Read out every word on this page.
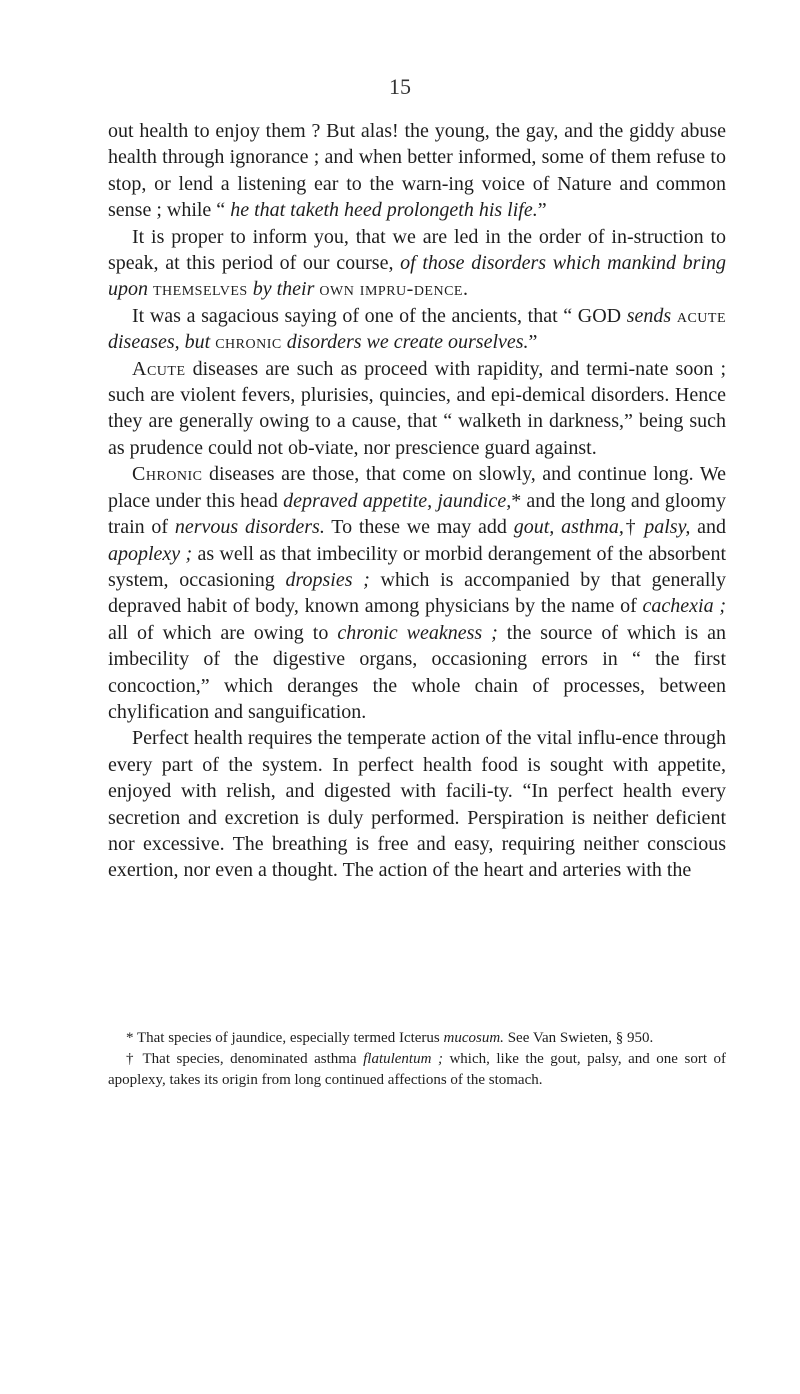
15

out health to enjoy them ? But alas! the young, the gay, and the giddy abuse health through ignorance ; and when better informed, some of them refuse to stop, or lend a listening ear to the warn-ing voice of Nature and common sense ; while “ he that taketh heed prolongeth his life.”

It is proper to inform you, that we are led in the order of in-struction to speak, at this period of our course, of those disorders which mankind bring upon themselves by their own impru-dence.

It was a sagacious saying of one of the ancients, that “ GOD sends acute diseases, but chronic disorders we create ourselves.”

Acute diseases are such as proceed with rapidity, and termi-nate soon ; such are violent fevers, plurisies, quincies, and epi-demical disorders. Hence they are generally owing to a cause, that “ walketh in darkness,” being such as prudence could not ob-viate, nor prescience guard against.

Chronic diseases are those, that come on slowly, and continue long. We place under this head depraved appetite, jaundice,* and the long and gloomy train of nervous disorders. To these we may add gout, asthma,† palsy, and apoplexy ; as well as that imbecility or morbid derangement of the absorbent system, occasioning dropsies ; which is accompanied by that generally depraved habit of body, known among physicians by the name of cachexia ; all of which are owing to chronic weakness ; the source of which is an imbecility of the digestive organs, occasioning errors in “ the first concoction,” which deranges the whole chain of processes, between chylification and sanguification.

Perfect health requires the temperate action of the vital influ-ence through every part of the system. In perfect health food is sought with appetite, enjoyed with relish, and digested with facili-ty. “In perfect health every secretion and excretion is duly performed. Perspiration is neither deficient nor excessive. The breathing is free and easy, requiring neither conscious exertion, nor even a thought. The action of the heart and arteries with the

* That species of jaundice, especially termed Icterus mucosum. See Van Swieten, § 950.

† That species, denominated asthma flatulentum ; which, like the gout, palsy, and one sort of apoplexy, takes its origin from long continued affections of the stomach.
